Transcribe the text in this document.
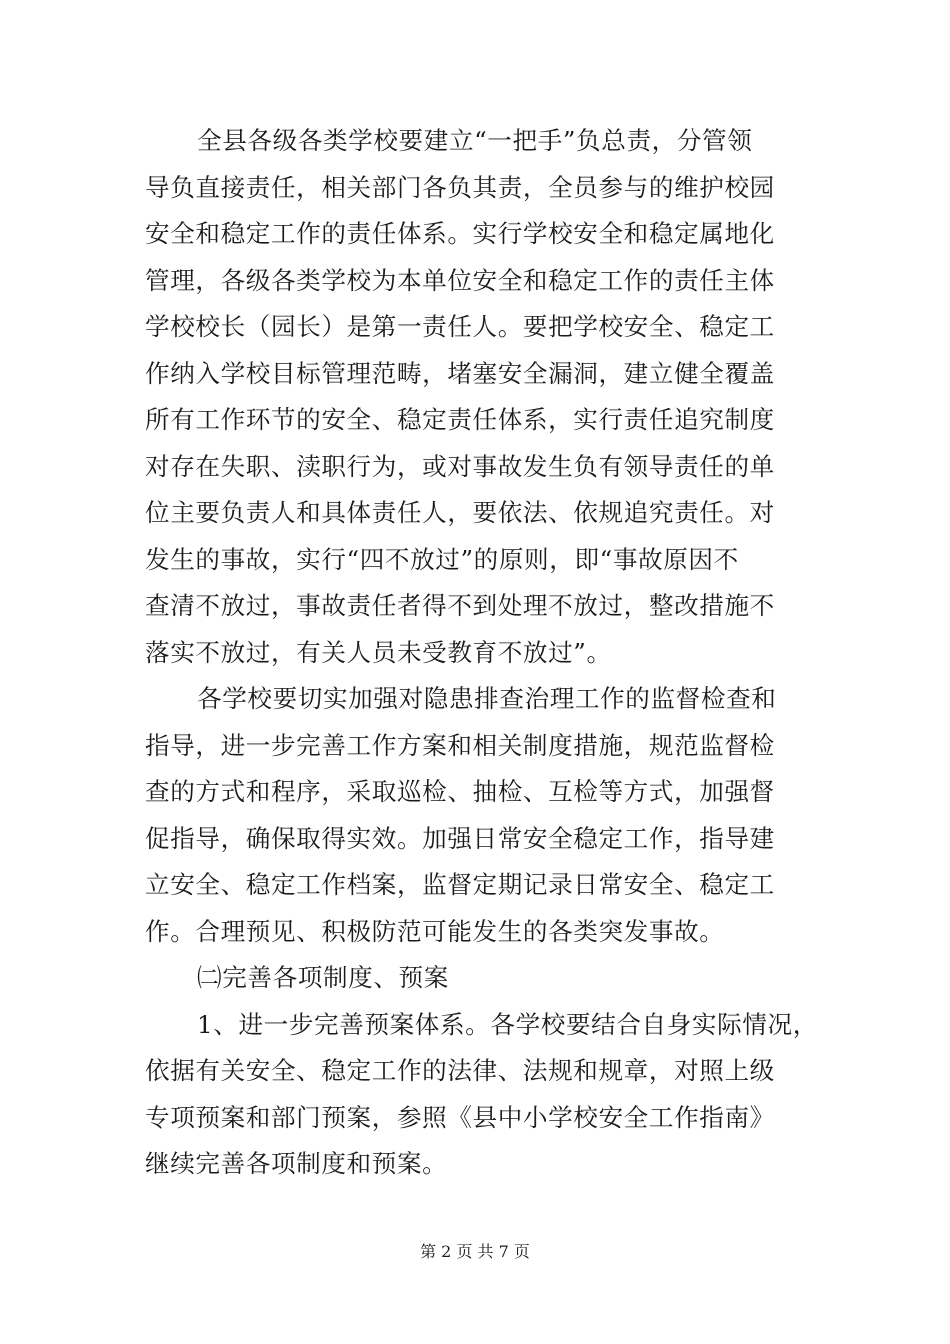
全县各级各类学校要建立“一把手”负总责，分管领
导负直接责任，相关部门各负其责，全员参与的维护校园
安全和稳定工作的责任体系。实行学校安全和稳定属地化
管理，各级各类学校为本单位安全和稳定工作的责任主体
学校校长（园长）是第一责任人。要把学校安全、稳定工
作纳入学校目标管理范畴，堵塞安全漏洞，建立健全覆盖
所有工作环节的安全、稳定责任体系，实行责任追究制度
对存在失职、渎职行为，或对事故发生负有领导责任的单
位主要负责人和具体责任人，要依法、依规追究责任。对
发生的事故，实行“四不放过”的原则，即“事故原因不
查清不放过，事故责任者得不到处理不放过，整改措施不
落实不放过，有关人员未受教育不放过”。
各学校要切实加强对隐患排查治理工作的监督检查和
指导，进一步完善工作方案和相关制度措施，规范监督检
查的方式和程序，采取巡检、抽检、互检等方式，加强督
促指导，确保取得实效。加强日常安全稳定工作，指导建
立安全、稳定工作档案，监督定期记录日常安全、稳定工
作。合理预见、积极防范可能发生的各类突发事故。
㈡完善各项制度、预案
1、进一步完善预案体系。各学校要结合自身实际情况，
依据有关安全、稳定工作的法律、法规和规章，对照上级
专项预案和部门预案，参照《县中小学校安全工作指南》
继续完善各项制度和预案。
第 2 页 共 7 页
